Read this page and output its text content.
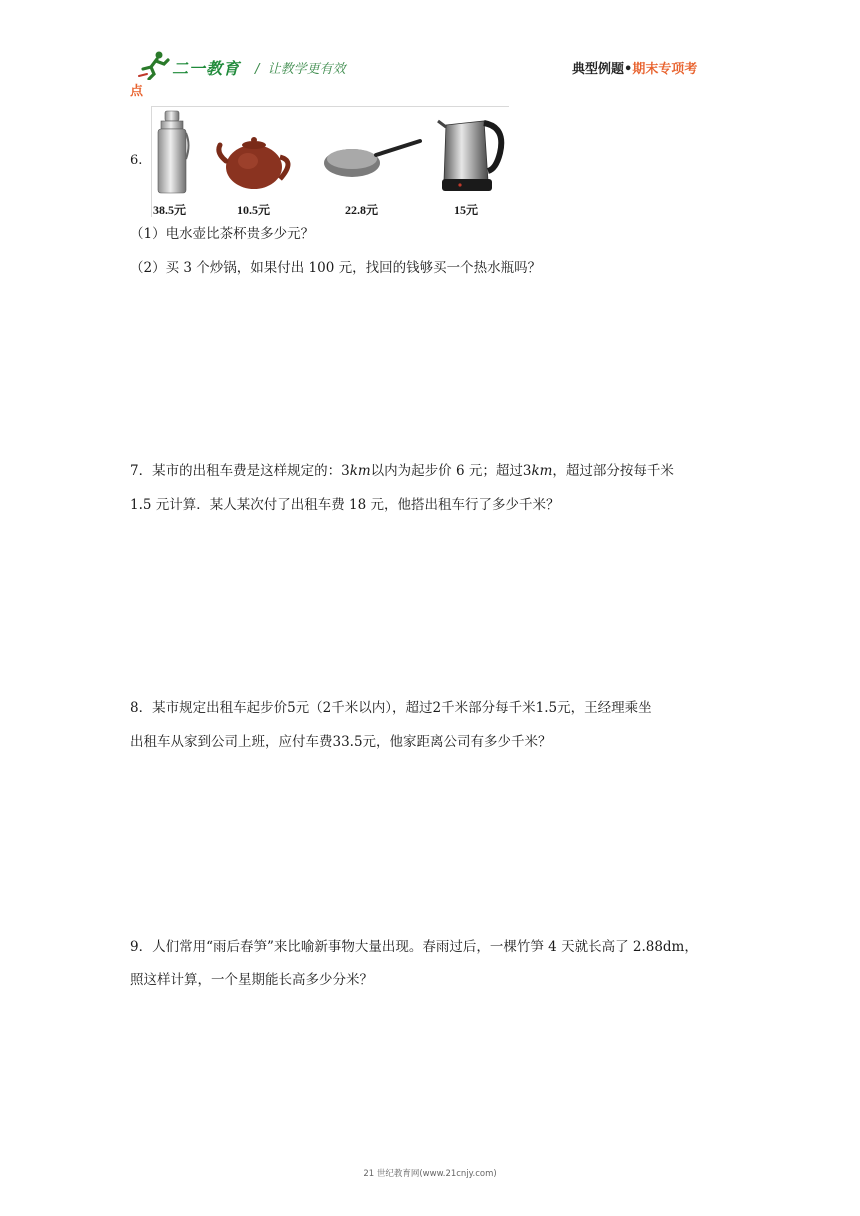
二一教育 / 让教学更有效	典型例题•期末专项考
点
6.
38.5元	10.5元	22.8元	15元
（1）电水壶比茶杯贵多少元？
（2）买 3 个炒锅，如果付出 100 元，找回的钱够买一个热水瓶吗？
7．某市的出租车费是这样规定的：3km以内为起步价 6 元；超过3km，超过部分按每千米
1.5 元计算．某人某次付了出租车费 18 元，他搭出租车行了多少千米？
8．某市规定出租车起步价5元（2千米以内），超过2千米部分每千米1.5元，王经理乘坐
出租车从家到公司上班，应付车费33.5元，他家距离公司有多少千米？
9．人们常用“雨后春笋”来比喻新事物大量出现。春雨过后，一棵竹笋 4 天就长高了 2.88dm，
照这样计算，一个星期能长高多少分米？
21 世纪教育网(www.21cnjy.com)
